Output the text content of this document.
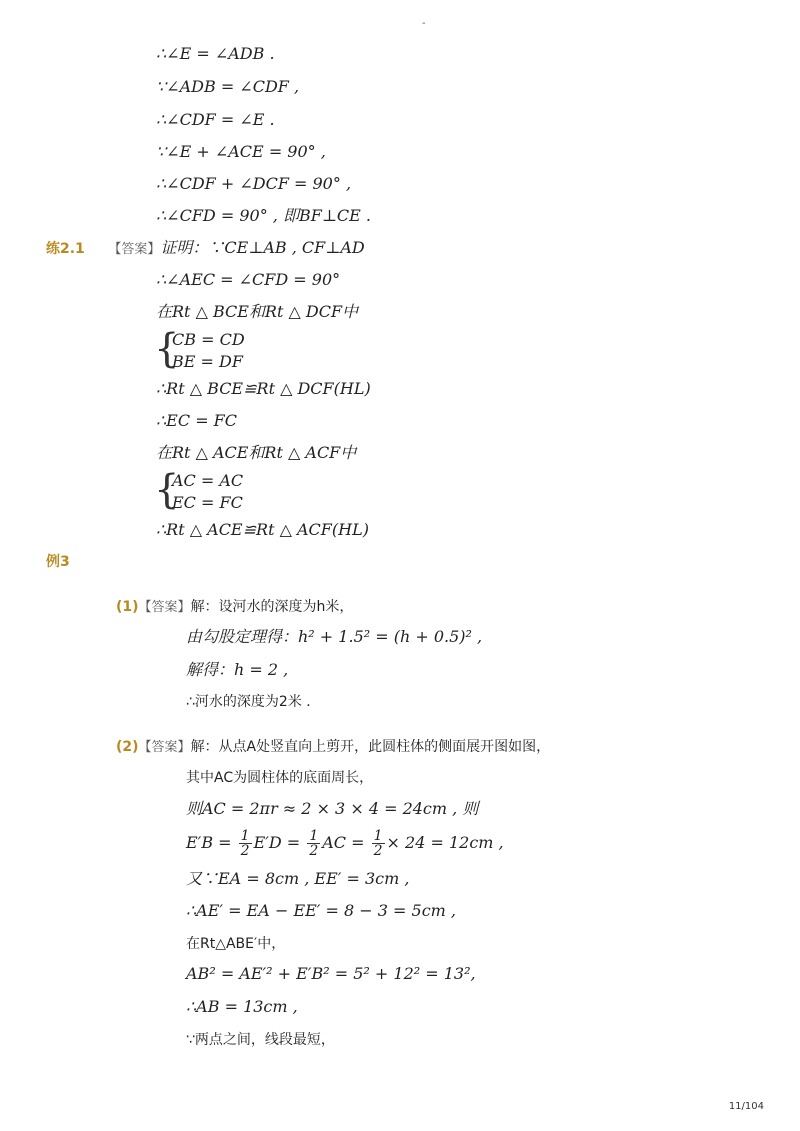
-
∴∠E = ∠ADB .
∵∠ADB = ∠CDF ,
∴∠CDF = ∠E .
∵∠E + ∠ACE = 90° ,
∴∠CDF + ∠DCF = 90° ,
∴∠CFD = 90° , 即BF⊥CE .
练2.1 【答案】证明：∵CE⊥AB , CF⊥AD
∴∠AEC = ∠CFD = 90°
在Rt △ BCE和Rt △ DCF中
{
CB = CD
BE = DF
∴Rt △ BCE≌Rt △ DCF(HL)
∴EC = FC
在Rt △ ACE和Rt △ ACF中
{
AC = AC
EC = FC
∴Rt △ ACE≌Rt △ ACF(HL)
例3
(1)【答案】解：设河水的深度为h米，
由勾股定理得：h² + 1.5² = (h + 0.5)² ,
解得：h = 2 ,
∴河水的深度为2米 .
(2)【答案】解：从点A处竖直向上剪开，此圆柱体的侧面展开图如图，
其中AC为圆柱体的底面周长，
则AC = 2πr ≈ 2 × 3 × 4 = 24cm , 则
$E'B = \frac{1}{2} E'D = \frac{1}{2}$ AC = $\frac{1}{2} \times 24 = 12cm$ ,
又∵EA = 8cm , EE′ = 3cm ,
∴AE′ = EA − EE′ = 8 − 3 = 5cm ,
在Rt△ABE′中，
AB² = AE′² + E′B² = 5² + 12² = 13²,
∴AB = 13cm ,
∵两点之间，线段最短，
11/104
